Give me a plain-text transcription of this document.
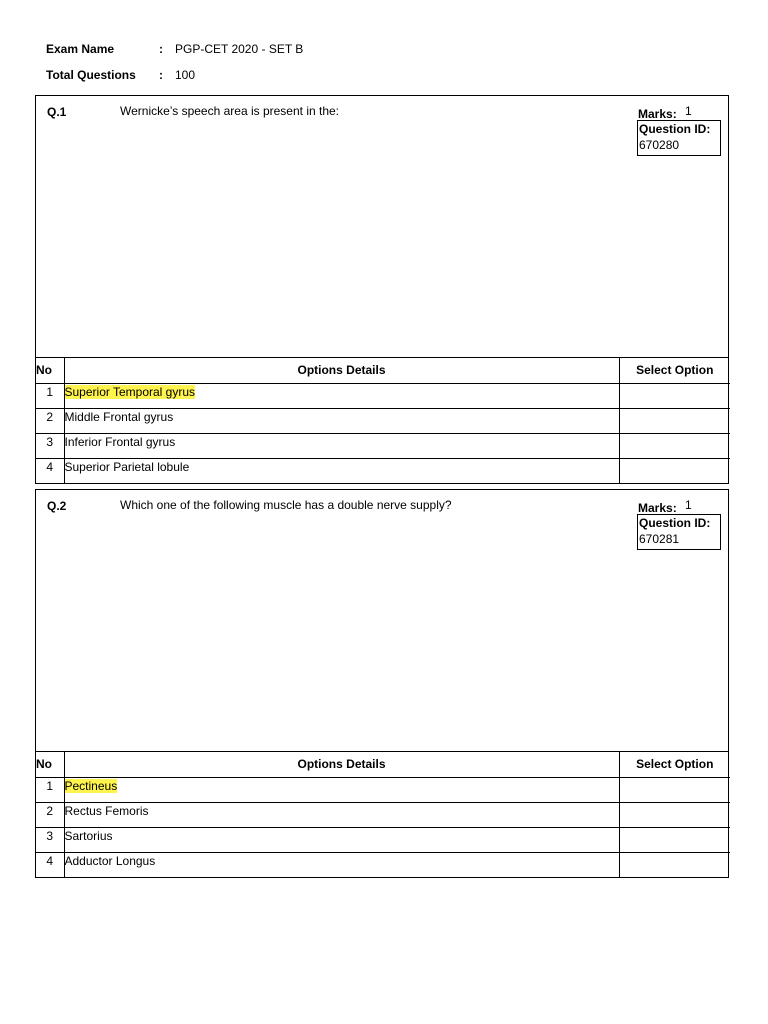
Exam Name	: PGP-CET 2020 - SET B
Total Questions : 100
Q.1	Wernicke’s speech area is present in the:	Marks: 1
Question ID:
670280
No	Options Details	Select Option
1	Superior Temporal gyrus	
2	Middle Frontal gyrus	
3	Inferior Frontal gyrus	
4	Superior Parietal lobule	
Q.2	Which one of the following muscle has a double nerve supply?	Marks: 1
Question ID:
670281
No	Options Details	Select Option
1	Pectineus	
2	Rectus Femoris	
3	Sartorius	
4	Adductor Longus	
